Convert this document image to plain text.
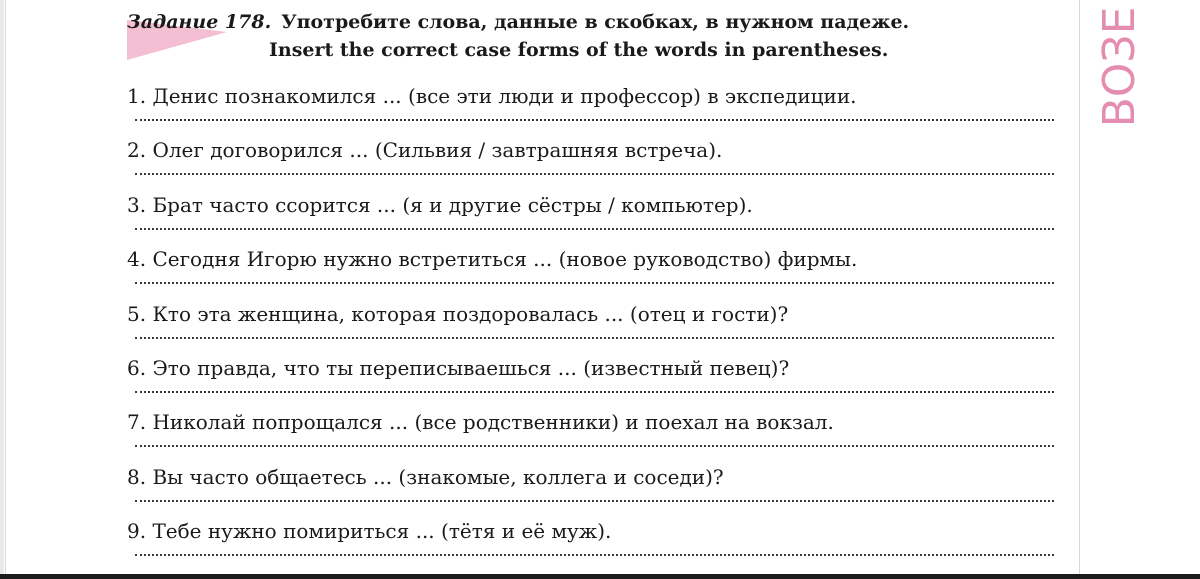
ВОЗЕ
Задание 178. Употребите слова, данные в скобках, в нужном падеже.
Insert the correct case forms of the words in parentheses.
1. Денис познакомился ... (все эти люди и профессор) в экспедиции.
2. Олег договорился ... (Сильвия / завтрашняя встреча).
3. Брат часто ссорится ... (я и другие сёстры / компьютер).
4. Сегодня Игорю нужно встретиться ... (новое руководство) фирмы.
5. Кто эта женщина, которая поздоровалась ... (отец и гости)?
6. Это правда, что ты переписываешься ... (известный певец)?
7. Николай попрощался ... (все родственники) и поехал на вокзал.
8. Вы часто общаетесь ... (знакомые, коллега и соседи)?
9. Тебе нужно помириться ... (тётя и её муж).
